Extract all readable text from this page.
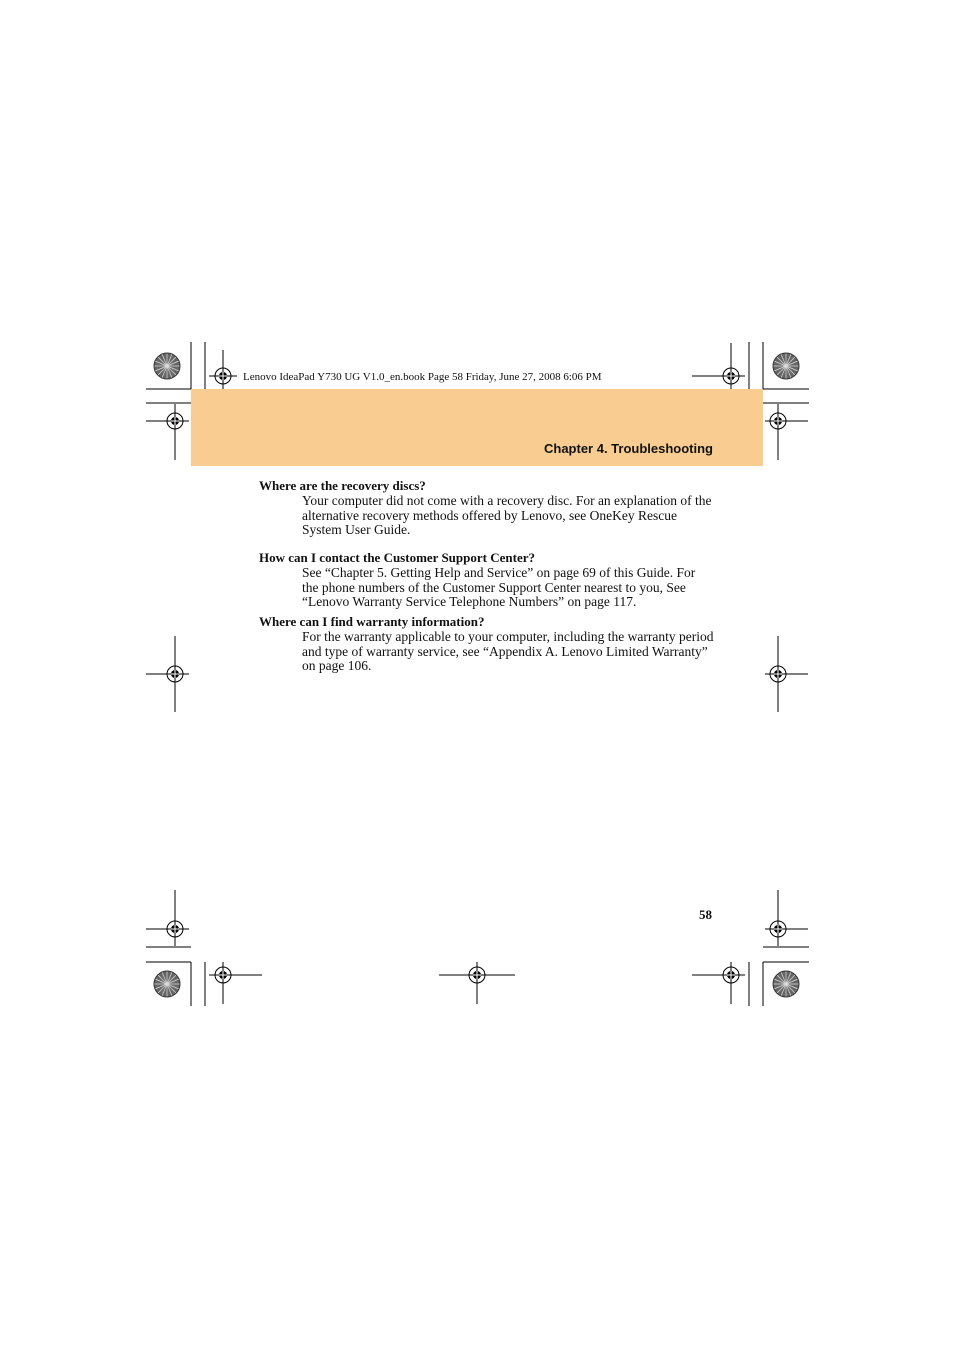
Lenovo IdeaPad Y730 UG V1.0_en.book Page 58 Friday, June 27, 2008 6:06 PM
Chapter 4. Troubleshooting
Where are the recovery discs?
Your computer did not come with a recovery disc. For an explanation of the alternative recovery methods offered by Lenovo, see OneKey Rescue System User Guide.
How can I contact the Customer Support Center?
See “Chapter 5. Getting Help and Service” on page 69 of this Guide. For the phone numbers of the Customer Support Center nearest to you, See “Lenovo Warranty Service Telephone Numbers” on page 117.
Where can I find warranty information?
For the warranty applicable to your computer, including the warranty period and type of warranty service, see “Appendix A. Lenovo Limited Warranty” on page 106.
58
